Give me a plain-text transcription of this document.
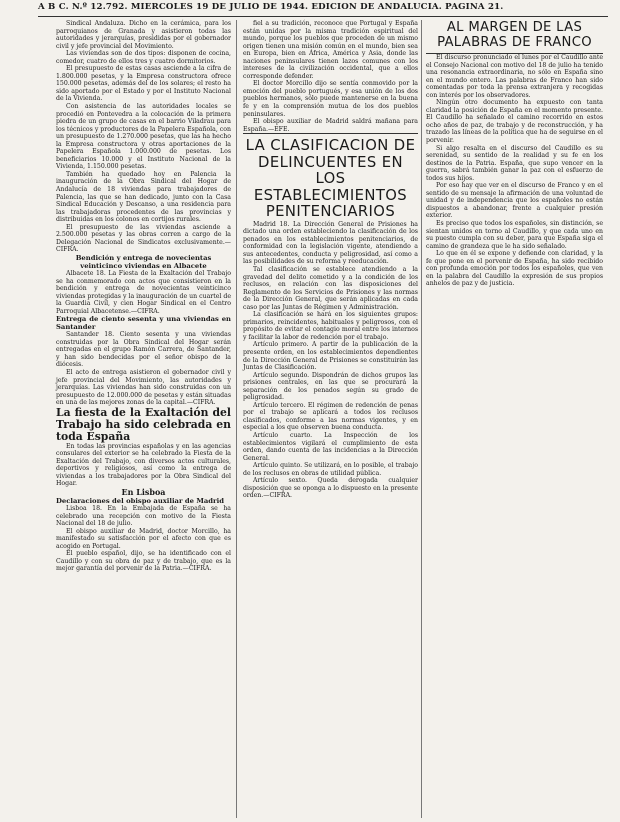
A B C. N.º 12.792. MIERCOLES 19 DE JULIO DE 1944. EDICION DE ANDALUCIA. PAGINA 21.

Sindical Andaluza. Dicho en la cerámica, para los parroquianos de Granada y asistieron todas las autoridades y jerarquías, presididas por el gobernador civil y jefe provincial del Movimiento.

Las viviendas son de dos tipos: disponen de cocina, comedor, cuatro de ellos tres y cuatro dormitorios.

El presupuesto de estas casas asciende a la cifra de 1.800.000 pesetas, y la Empresa constructora ofrece 150.000 pesetas, además del de los solares; el resto ha sido aportado por el Estado y por el Instituto Nacional de la Vivienda.

Con asistencia de las autoridades locales se procedió en Pontevedra a la colocación de la primera piedra de un grupo de casas en el barrio Viladrau para los técnicos y productores de la Papelera Española, con un presupuesto de 1.270.000 pesetas, que las ha hecho la Empresa constructora y otras aportaciones de la Papelera Española 1.000.000 de pesetas. Los beneficiarios 10.000 y el Instituto Nacional de la Vivienda, 1.150.000 pesetas.

También ha quedado hoy en Palencia la inauguración de la Obra Sindical del Hogar de Andalucía de 18 viviendas para trabajadores de Palencia, las que se han dedicado, junto con la Casa Sindical Educación y Descanso, a una residencia para las trabajadoras procedentes de las provincias y distribuidas en los colonos en cortijos rurales.

El presupuesto de las viviendas asciende a 2.500.000 pesetas y las obras corren a cargo de la Delegación Nacional de Sindicatos exclusivamente.—CIFRA.

Bendición y entrega de novecientas veinticinco viviendas en Albacete

Albacete 18. La Fiesta de la Exaltación del Trabajo se ha conmemorado con actos que consistieron en la bendición y entrega de novecientas veinticinco viviendas protegidas y la inauguración de un cuartel de la Guardia Civil, y cien Hogar Sindical en el Centro Parroquial Albacetense.—CIFRA.

Entrega de ciento sesenta y una viviendas en Santander

Santander 18. Ciento sesenta y una viviendas construidas por la Obra Sindical del Hogar serán entregadas en el grupo Ramón Carrera, de Santander, y han sido bendecidas por el señor obispo de la diócesis.

El acto de entrega asistieron el gobernador civil y jefe provincial del Movimiento, las autoridades y jerarquías. Las viviendas han sido construidas con un presupuesto de 12.000.000 de pesetas y están situadas en una de las mejores zonas de la capital.—CIFRA.

La fiesta de la Exaltación del Trabajo ha sido celebrada en toda España

En todas las provincias españolas y en las agencias consulares del exterior se ha celebrado la Fiesta de la Exaltación del Trabajo, con diversos actos culturales, deportivos y religiosos, así como la entrega de viviendas a los trabajadores por la Obra Sindical del Hogar.

En Lisboa

Declaraciones del obispo auxiliar de Madrid

Lisboa 18. En la Embajada de España se ha celebrado una recepción con motivo de la Fiesta Nacional del 18 de julio.

El obispo auxiliar de Madrid, doctor Morcillo, ha manifestado su satisfacción por el afecto con que es acogido en Portugal.

El pueblo español, dijo, se ha identificado con el Caudillo y con su obra de paz y de trabajo, que es la mejor garantía del porvenir de la Patria.—CIFRA.

fiel a su tradición, reconoce que Portugal y España están unidas por la misma tradición espiritual del mundo, porque los pueblos que proceden de un mismo origen tienen una misión común en el mundo, bien sea en Europa, bien en África, América y Asia, donde las naciones peninsulares tienen lazos comunes con los intereses de la civilización occidental, que a ellos corresponde defender.

El doctor Morcillo dijo se sentía conmovido por la emoción del pueblo portugués, y esa unión de los dos pueblos hermanos, sólo puede mantenerse en la buena fe y en la comprensión mutua de los dos pueblos peninsulares.

El obispo auxiliar de Madrid saldrá mañana para España.—EFE.

LA CLASIFICACION DE DELINCUENTES EN LOS ESTABLECIMIENTOS PENITENCIARIOS

Madrid 18. La Dirección General de Prisiones ha dictado una orden estableciendo la clasificación de los penados en los establecimientos penitenciarios, de conformidad con la legislación vigente, atendiendo a sus antecedentes, conducta y peligrosidad, así como a las posibilidades de su reforma y reeducación.

Tal clasificación se establece atendiendo a la gravedad del delito cometido y a la condición de los reclusos, en relación con las disposiciones del Reglamento de los Servicios de Prisiones y las normas de la Dirección General, que serán aplicadas en cada caso por las Juntas de Régimen y Administración.

La clasificación se hará en los siguientes grupos: primarios, reincidentes, habituales y peligrosos, con el propósito de evitar el contagio moral entre los internos y facilitar la labor de redención por el trabajo.

Artículo primero. A partir de la publicación de la presente orden, en los establecimientos dependientes de la Dirección General de Prisiones se constituirán las Juntas de Clasificación.

Artículo segundo. Dispondrán de dichos grupos las prisiones centrales, en las que se procurará la separación de los penados según su grado de peligrosidad.

Artículo tercero. El régimen de redención de penas por el trabajo se aplicará a todos los reclusos clasificados, conforme a las normas vigentes, y en especial a los que observen buena conducta.

Artículo cuarto. La Inspección de los establecimientos vigilará el cumplimiento de esta orden, dando cuenta de las incidencias a la Dirección General.

Artículo quinto. Se utilizará, en lo posible, el trabajo de los reclusos en obras de utilidad pública.

Artículo sexto. Queda derogada cualquier disposición que se oponga a lo dispuesto en la presente orden.—CIFRA.

AL MARGEN DE LAS PALABRAS DE FRANCO

El discurso pronunciado el lunes por el Caudillo ante el Consejo Nacional con motivo del 18 de julio ha tenido una resonancia extraordinaria, no sólo en España sino en el mundo entero. Las palabras de Franco han sido comentadas por toda la prensa extranjera y recogidas con interés por los observadores.

Ningún otro documento ha expuesto con tanta claridad la posición de España en el momento presente. El Caudillo ha señalado el camino recorrido en estos ocho años de paz, de trabajo y de reconstrucción, y ha trazado las líneas de la política que ha de seguirse en el porvenir.

Si algo resalta en el discurso del Caudillo es su serenidad, su sentido de la realidad y su fe en los destinos de la Patria. España, que supo vencer en la guerra, sabrá también ganar la paz con el esfuerzo de todos sus hijos.

Por eso hay que ver en el discurso de Franco y en el sentido de su mensaje la afirmación de una voluntad de unidad y de independencia que los españoles no están dispuestos a abandonar, frente a cualquier presión exterior.

Es preciso que todos los españoles, sin distinción, se sientan unidos en torno al Caudillo, y que cada uno en su puesto cumpla con su deber, para que España siga el camino de grandeza que le ha sido señalado.

Lo que en él se expone y defiende con claridad, y la fe que pone en el porvenir de España, ha sido recibido con profunda emoción por todos los españoles, que ven en la palabra del Caudillo la expresión de sus propios anhelos de paz y de justicia.
